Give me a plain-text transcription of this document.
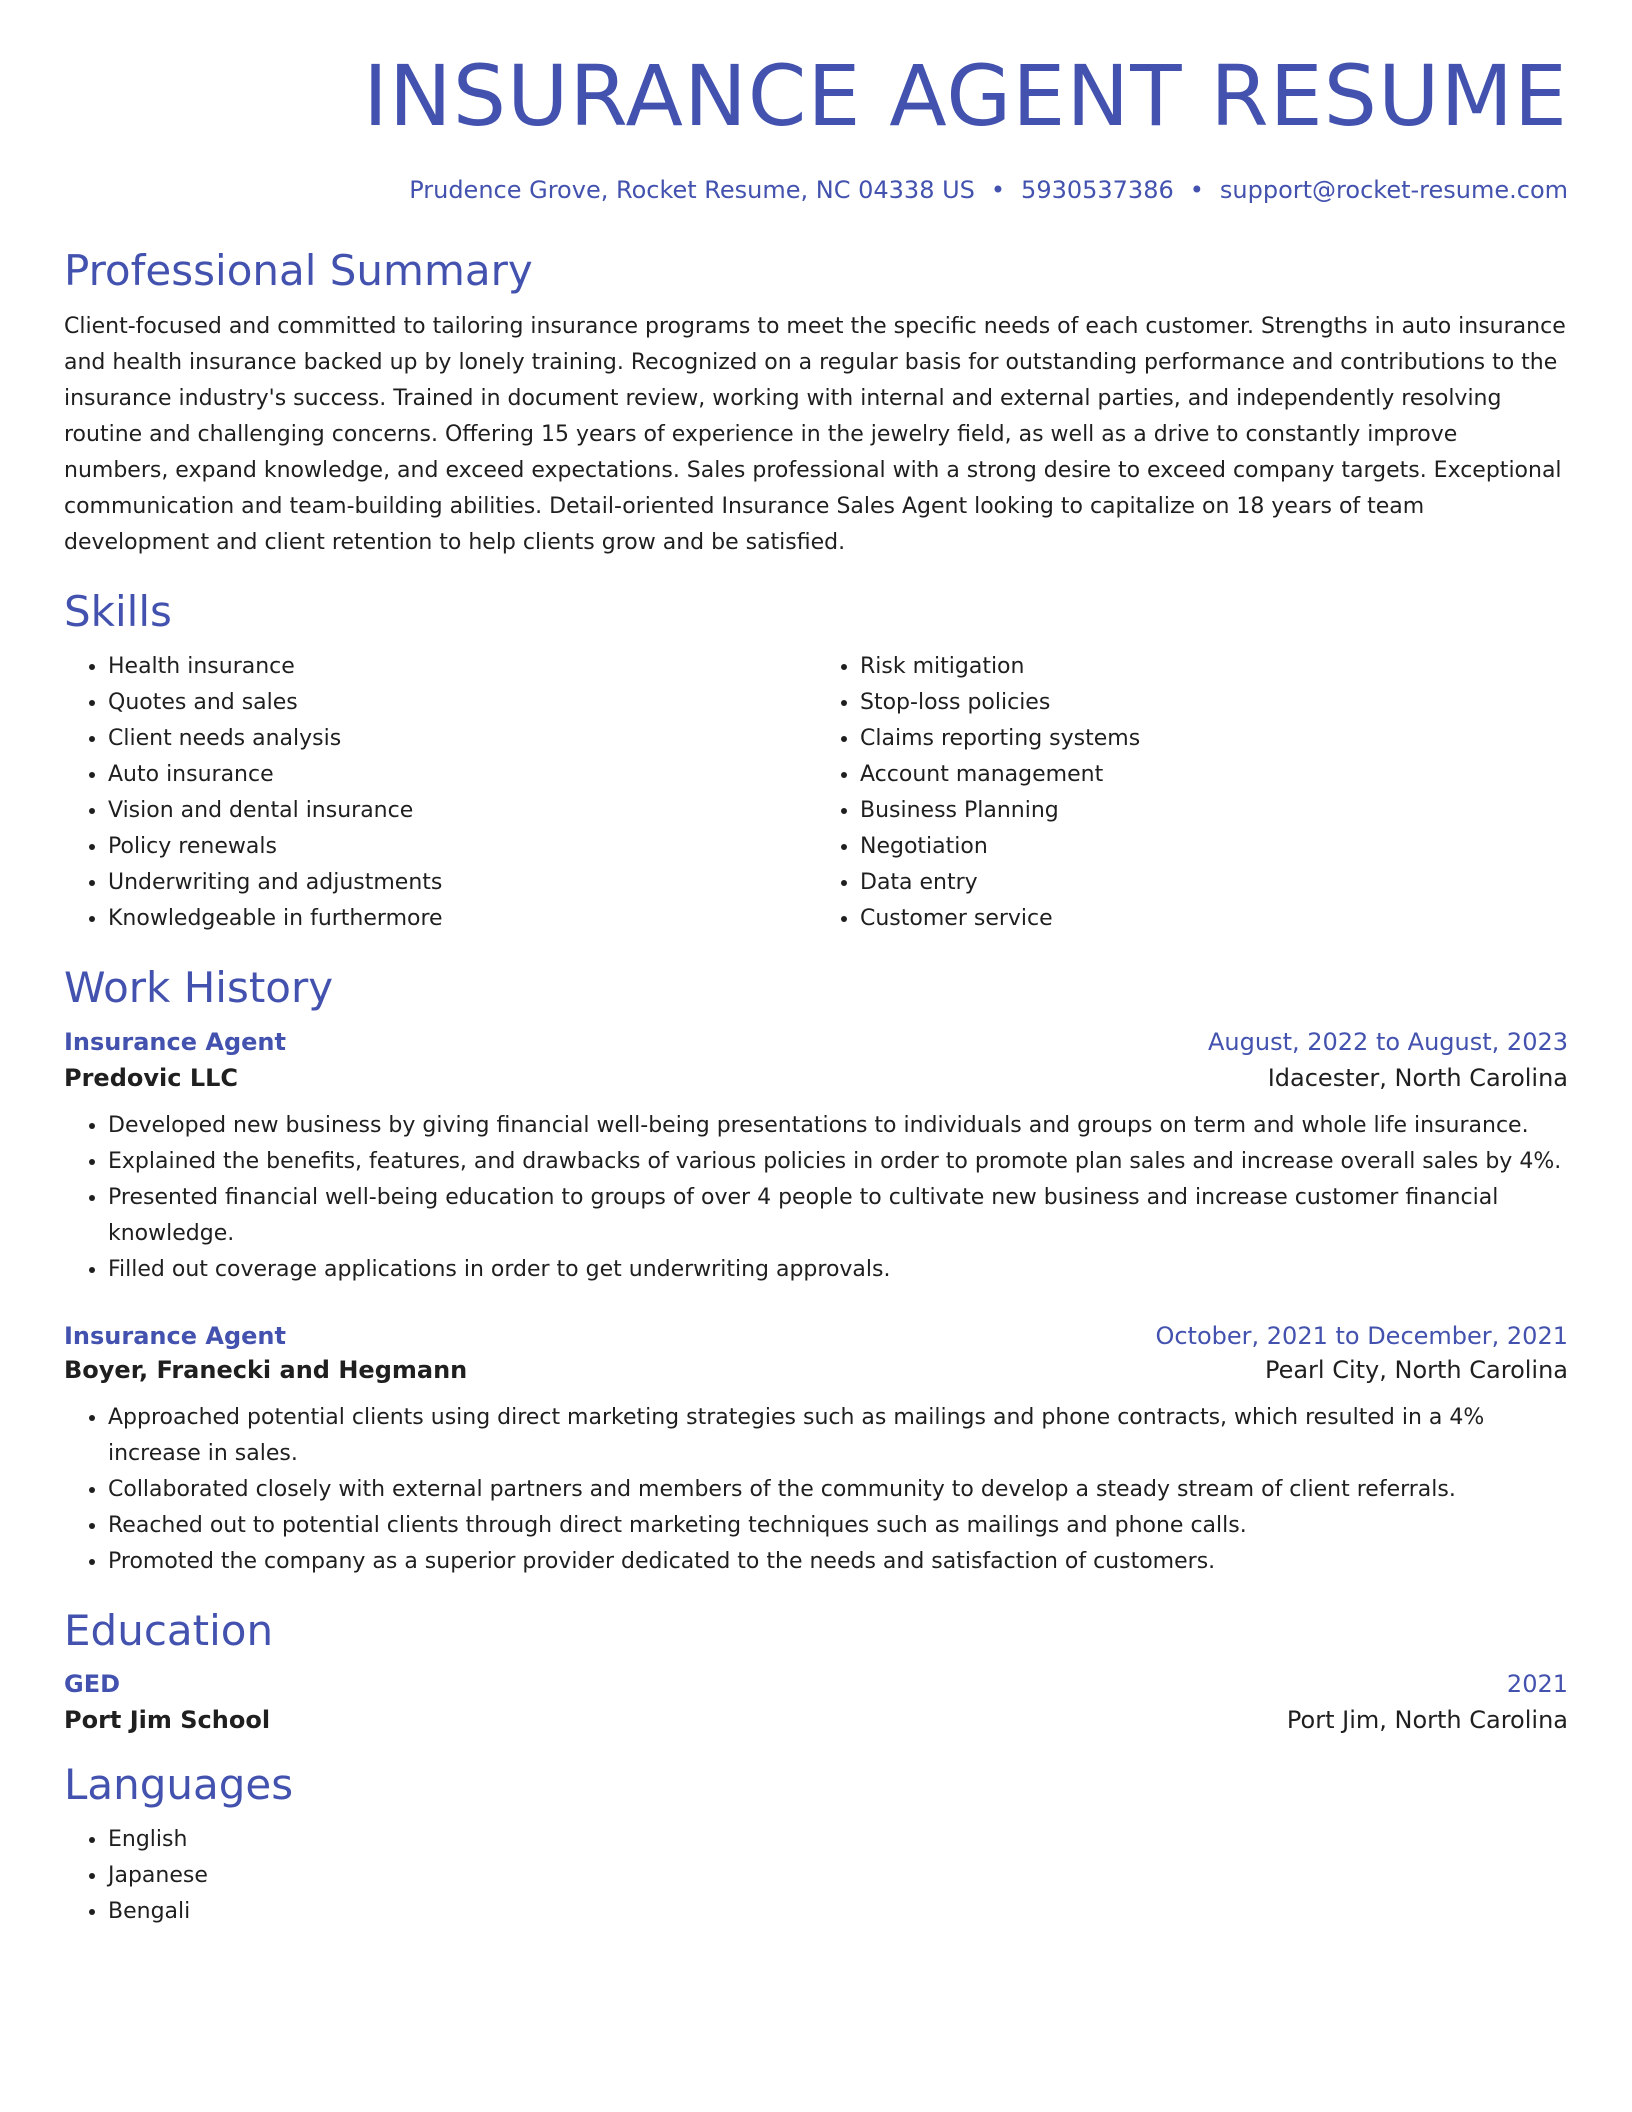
INSURANCE AGENT RESUME
Prudence Grove, Rocket Resume, NC 04338 US • 5930537386 • support@rocket-resume.com
Professional Summary

Client-focused and committed to tailoring insurance programs to meet the specific needs of each customer. Strengths in auto insurance and health insurance backed up by lonely training. Recognized on a regular basis for outstanding performance and contributions to the insurance industry's success. Trained in document review, working with internal and external parties, and independently resolving routine and challenging concerns. Offering 15 years of experience in the jewelry field, as well as a drive to constantly improve numbers, expand knowledge, and exceed expectations. Sales professional with a strong desire to exceed company targets. Exceptional communication and team-building abilities. Detail-oriented Insurance Sales Agent looking to capitalize on 18 years of team development and client retention to help clients grow and be satisfied.

Skills
• Health insurance
• Quotes and sales
• Client needs analysis
• Auto insurance
• Vision and dental insurance
• Policy renewals
• Underwriting and adjustments
• Knowledgeable in furthermore
• Risk mitigation
• Stop-loss policies
• Claims reporting systems
• Account management
• Business Planning
• Negotiation
• Data entry
• Customer service
Work History
Insurance Agent	August, 2022 to August, 2023
Predovic LLC	Idacester, North Carolina
• Developed new business by giving financial well-being presentations to individuals and groups on term and whole life insurance.
• Explained the benefits, features, and drawbacks of various policies in order to promote plan sales and increase overall sales by 4%.
• Presented financial well-being education to groups of over 4 people to cultivate new business and increase customer financial knowledge.
• Filled out coverage applications in order to get underwriting approvals.
Insurance Agent	October, 2021 to December, 2021
Boyer, Franecki and Hegmann	Pearl City, North Carolina
• Approached potential clients using direct marketing strategies such as mailings and phone contracts, which resulted in a 4% increase in sales.
• Collaborated closely with external partners and members of the community to develop a steady stream of client referrals.
• Reached out to potential clients through direct marketing techniques such as mailings and phone calls.
• Promoted the company as a superior provider dedicated to the needs and satisfaction of customers.
Education
GED	2021
Port Jim School	Port Jim, North Carolina
Languages
• English
• Japanese
• Bengali
